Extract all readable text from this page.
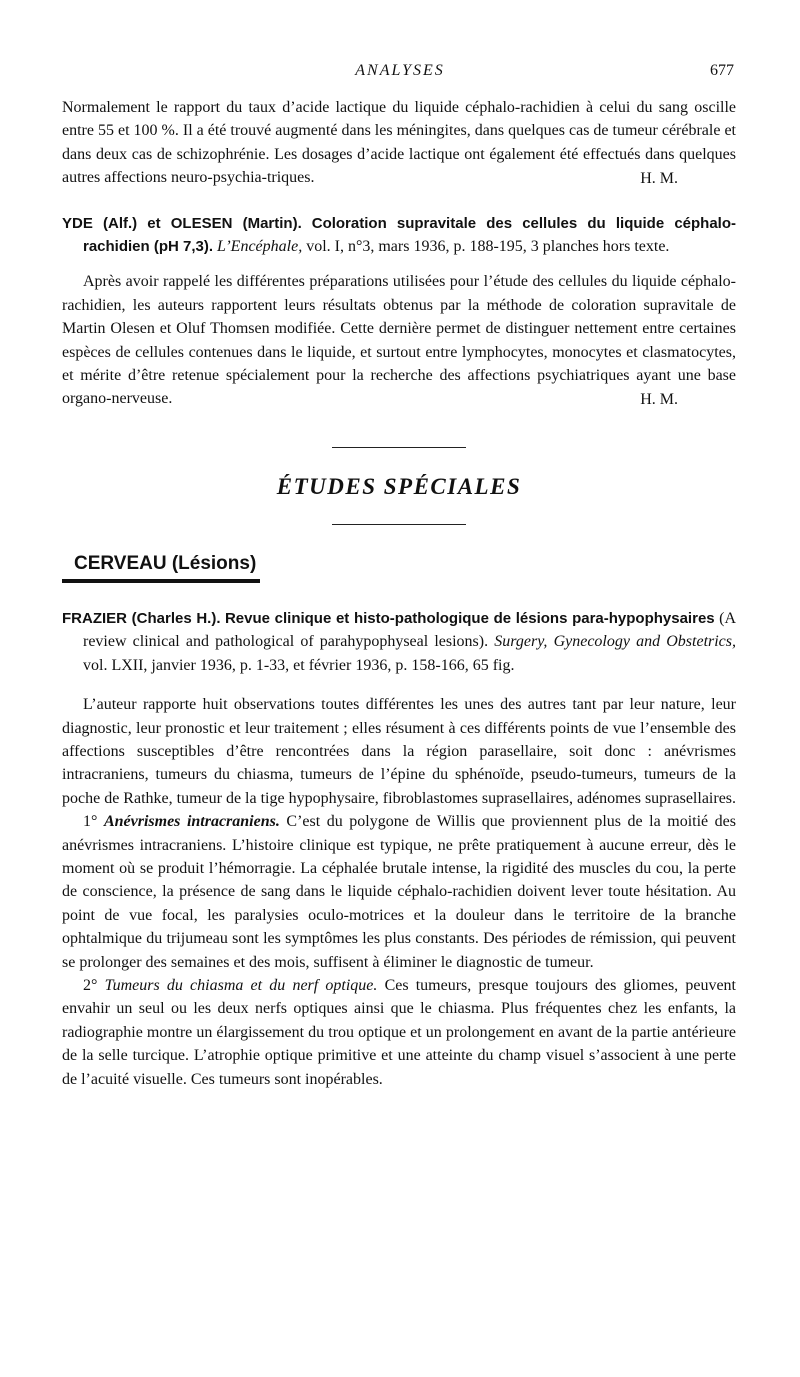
ANALYSES	677

Normalement le rapport du taux d’acide lactique du liquide céphalo-rachidien à celui du sang oscille entre 55 et 100 %. Il a été trouvé augmenté dans les méningites, dans quelques cas de tumeur cérébrale et dans deux cas de schizophrénie. Les dosages d’acide lactique ont également été effectués dans quelques autres affections neuro-psychia-triques.	H. M.

YDE (Alf.) et OLESEN (Martin). Coloration supravitale des cellules du liquide céphalo-rachidien (pH 7,3). L’Encéphale, vol. I, n°3, mars 1936, p. 188-195, 3 planches hors texte.

Après avoir rappelé les différentes préparations utilisées pour l’étude des cellules du liquide céphalo-rachidien, les auteurs rapportent leurs résultats obtenus par la méthode de coloration supravitale de Martin Olesen et Oluf Thomsen modifiée. Cette dernière permet de distinguer nettement entre certaines espèces de cellules contenues dans le liquide, et surtout entre lymphocytes, monocytes et clasmatocytes, et mérite d’être retenue spécialement pour la recherche des affections psychiatriques ayant une base organo-nerveuse.	H. M.

ÉTUDES SPÉCIALES
CERVEAU (Lésions)
FRAZIER (Charles H.). Revue clinique et histo-pathologique de lésions para-hypophysaires (A review clinical and pathological of parahypophyseal lesions). Surgery, Gynecology and Obstetrics, vol. LXII, janvier 1936, p. 1-33, et février 1936, p. 158-166, 65 fig.

L’auteur rapporte huit observations toutes différentes les unes des autres tant par leur nature, leur diagnostic, leur pronostic et leur traitement ; elles résument à ces différents points de vue l’ensemble des affections susceptibles d’être rencontrées dans la région parasellaire, soit donc : anévrismes intracraniens, tumeurs du chiasma, tumeurs de l’épine du sphénoïde, pseudo-tumeurs, tumeurs de la poche de Rathke, tumeur de la tige hypophysaire, fibroblastomes suprasellaires, adénomes suprasellaires.

1° Anévrismes intracraniens. C’est du polygone de Willis que proviennent plus de la moitié des anévrismes intracraniens. L’histoire clinique est typique, ne prête pratiquement à aucune erreur, dès le moment où se produit l’hémorragie. La céphalée brutale intense, la rigidité des muscles du cou, la perte de conscience, la présence de sang dans le liquide céphalo-rachidien doivent lever toute hésitation. Au point de vue focal, les paralysies oculo-motrices et la douleur dans le territoire de la branche ophtalmique du trijumeau sont les symptômes les plus constants. Des périodes de rémission, qui peuvent se prolonger des semaines et des mois, suffisent à éliminer le diagnostic de tumeur.

2° Tumeurs du chiasma et du nerf optique. Ces tumeurs, presque toujours des gliomes, peuvent envahir un seul ou les deux nerfs optiques ainsi que le chiasma. Plus fréquentes chez les enfants, la radiographie montre un élargissement du trou optique et un prolongement en avant de la partie antérieure de la selle turcique. L’atrophie optique primitive et une atteinte du champ visuel s’associent à une perte de l’acuité visuelle. Ces tumeurs sont inopérables.
